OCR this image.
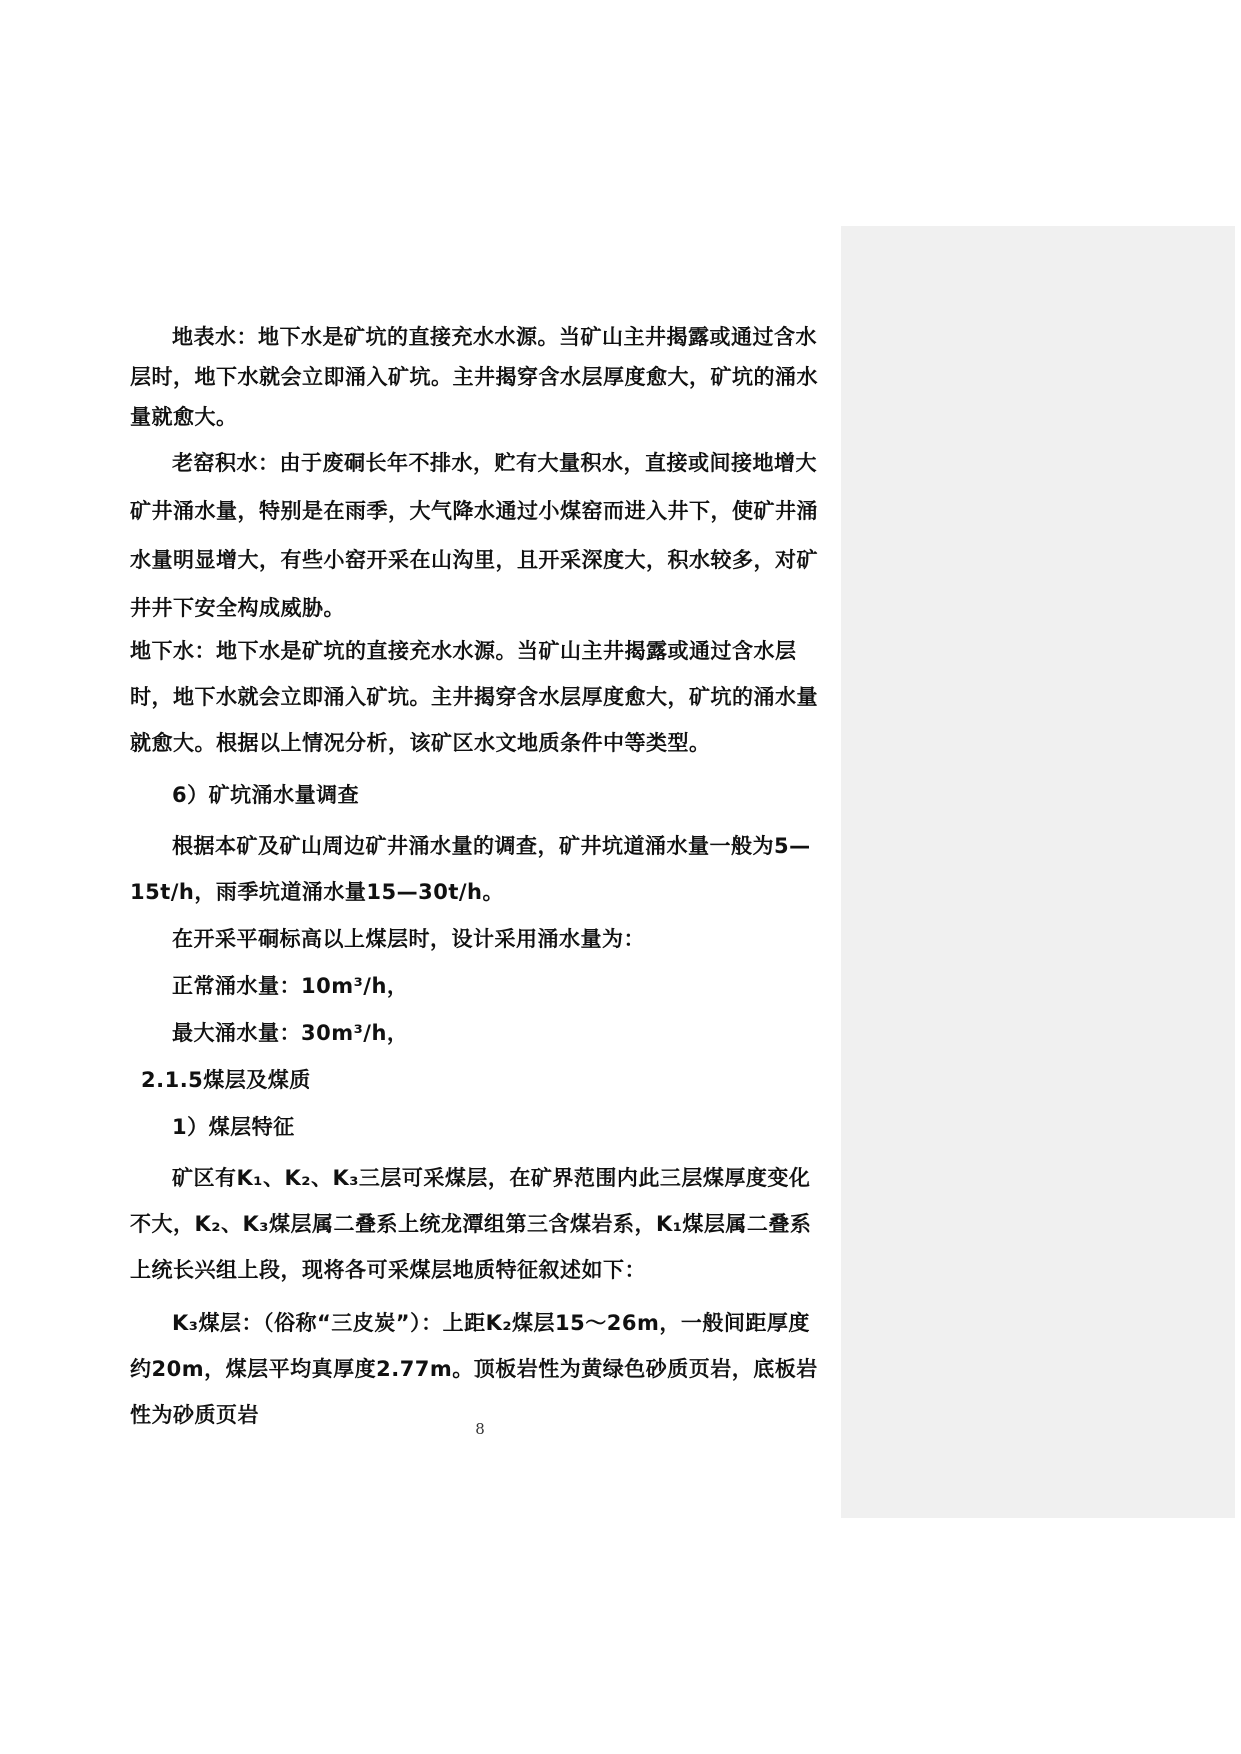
地表水：地下水是矿坑的直接充水水源。当矿山主井揭露或通过含水层时，地下水就会立即涌入矿坑。主井揭穿含水层厚度愈大，矿坑的涌水量就愈大。

老窑积水：由于废硐长年不排水，贮有大量积水，直接或间接地增大矿井涌水量，特别是在雨季，大气降水通过小煤窑而进入井下，使矿井涌水量明显增大，有些小窑开采在山沟里，且开采深度大，积水较多，对矿井井下安全构成威胁。

地下水：地下水是矿坑的直接充水水源。当矿山主井揭露或通过含水层时，地下水就会立即涌入矿坑。主井揭穿含水层厚度愈大，矿坑的涌水量就愈大。根据以上情况分析，该矿区水文地质条件中等类型。

6）矿坑涌水量调查

根据本矿及矿山周边矿井涌水量的调查，矿井坑道涌水量一般为5—15t/h，雨季坑道涌水量15—30t/h。

在开采平硐标高以上煤层时，设计采用涌水量为：

正常涌水量：10m³/h，

最大涌水量：30m³/h，

2.1.5煤层及煤质

1）煤层特征

矿区有K₁、K₂、K₃三层可采煤层，在矿界范围内此三层煤厚度变化不大，K₂、K₃煤层属二叠系上统龙潭组第三含煤岩系，K₁煤层属二叠系上统长兴组上段，现将各可采煤层地质特征叙述如下：

K₃煤层：（俗称“三皮炭”）：上距K₂煤层15～26m，一般间距厚度约20m，煤层平均真厚度2.77m。顶板岩性为黄绿色砂质页岩，底板岩性为砂质页岩

8
